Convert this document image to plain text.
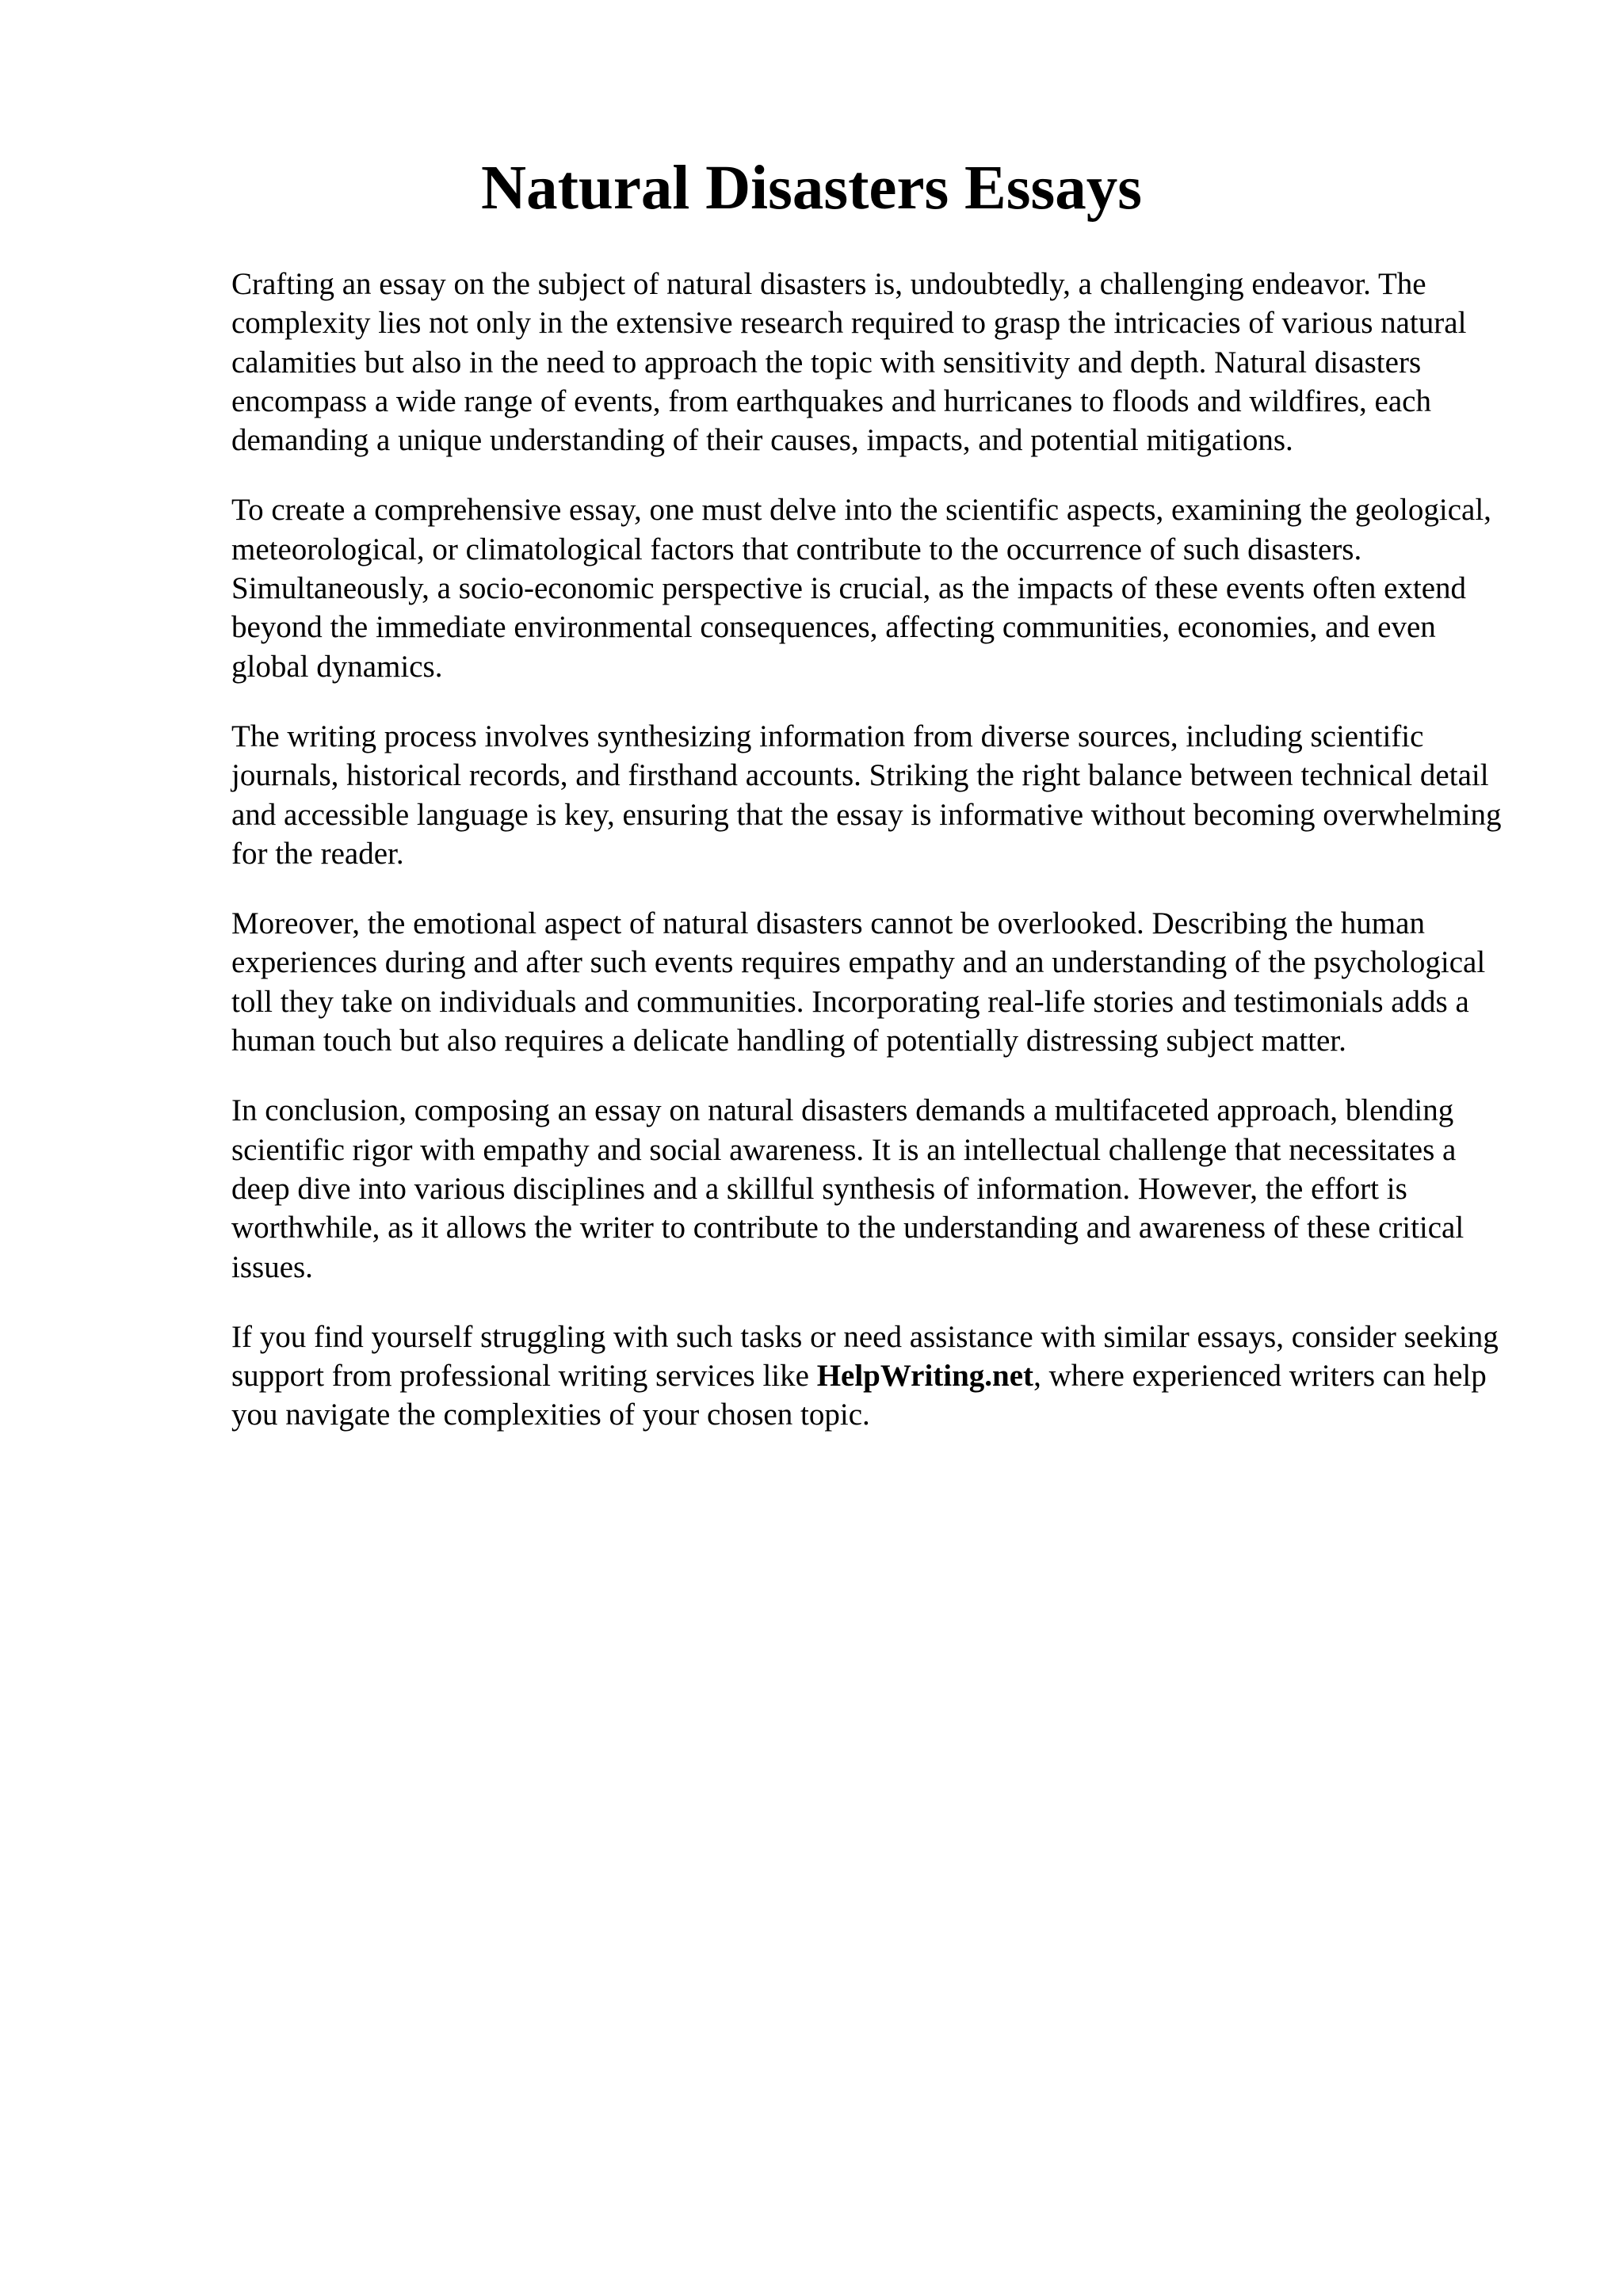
Natural Disasters Essays

Crafting an essay on the subject of natural disasters is, undoubtedly, a challenging endeavor. The complexity lies not only in the extensive research required to grasp the intricacies of various natural calamities but also in the need to approach the topic with sensitivity and depth. Natural disasters encompass a wide range of events, from earthquakes and hurricanes to floods and wildfires, each demanding a unique understanding of their causes, impacts, and potential mitigations.

To create a comprehensive essay, one must delve into the scientific aspects, examining the geological, meteorological, or climatological factors that contribute to the occurrence of such disasters. Simultaneously, a socio-economic perspective is crucial, as the impacts of these events often extend beyond the immediate environmental consequences, affecting communities, economies, and even global dynamics.

The writing process involves synthesizing information from diverse sources, including scientific journals, historical records, and firsthand accounts. Striking the right balance between technical detail and accessible language is key, ensuring that the essay is informative without becoming overwhelming for the reader.

Moreover, the emotional aspect of natural disasters cannot be overlooked. Describing the human experiences during and after such events requires empathy and an understanding of the psychological toll they take on individuals and communities. Incorporating real-life stories and testimonials adds a human touch but also requires a delicate handling of potentially distressing subject matter.

In conclusion, composing an essay on natural disasters demands a multifaceted approach, blending scientific rigor with empathy and social awareness. It is an intellectual challenge that necessitates a deep dive into various disciplines and a skillful synthesis of information. However, the effort is worthwhile, as it allows the writer to contribute to the understanding and awareness of these critical issues.

If you find yourself struggling with such tasks or need assistance with similar essays, consider seeking support from professional writing services like HelpWriting.net, where experienced writers can help you navigate the complexities of your chosen topic.
